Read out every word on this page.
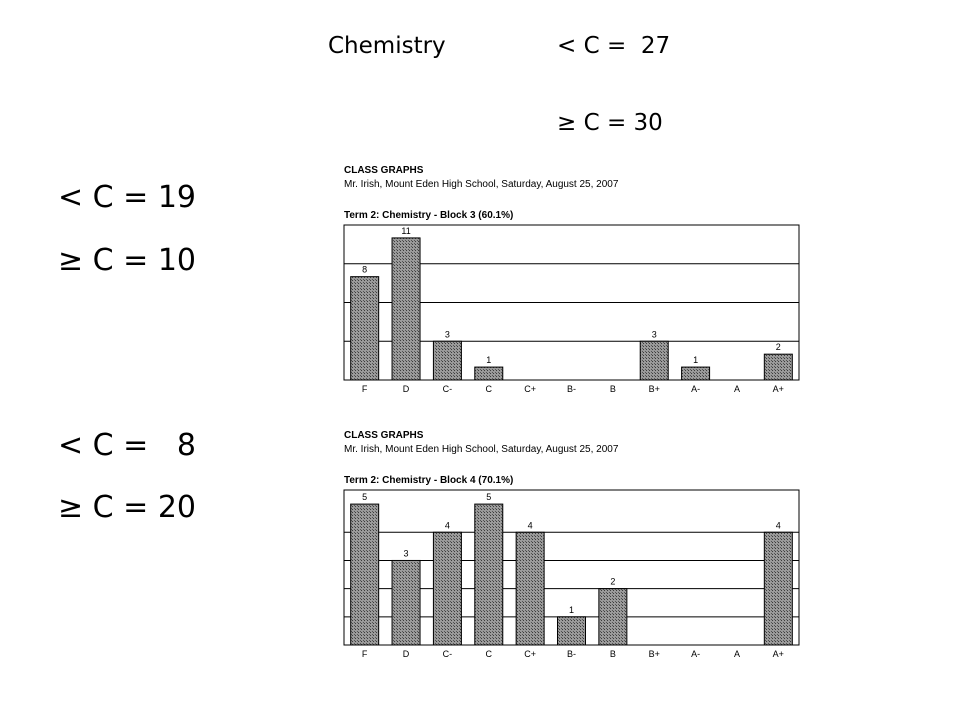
Chemistry	< C =  27
≥ C = 30
< C = 19
≥ C = 10
< C =   8
≥ C = 20
CLASS GRAPHS
Mr. Irish, Mount Eden High School, Saturday, August 25, 2007
Term 2: Chemistry - Block 3 (60.1%)
8
F
11
D
3
C-
1
C	C+	B-	B
3
B+
1
A-	A
2
A+
CLASS GRAPHS
Mr. Irish, Mount Eden High School, Saturday, August 25, 2007
Term 2: Chemistry - Block 4 (70.1%)
5
F
3
D
4
C-
5
C
4
C+
1
B-
2
B	B+	A-	A
4
A+
